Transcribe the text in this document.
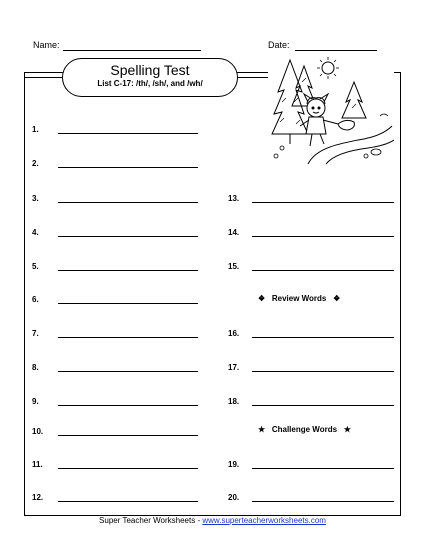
Name:	Date:
Spelling Test
List C-17: /th/, /sh/, and /wh/
1.
2.
3.
4.
5.
6.
7.
8.
9.
10.
11.
12.
13.
14.
15.
16.
17.
18.
19.
20.
❖ Review Words ❖
★ Challenge Words ★
Super Teacher Worksheets - www.superteacherworksheets.com
